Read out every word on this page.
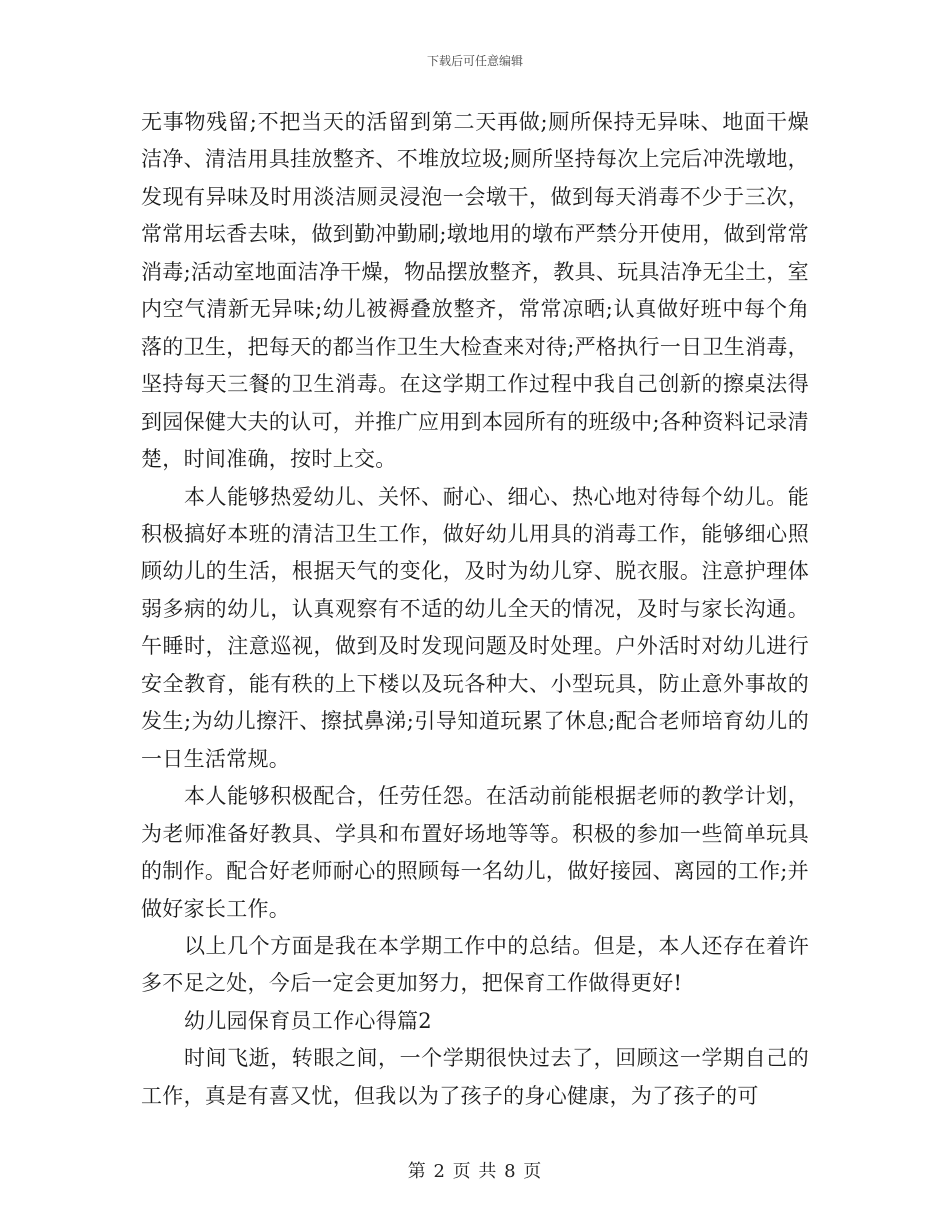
下载后可任意编辑

无事物残留;不把当天的活留到第二天再做;厕所保持无异味、地面干燥洁净、清洁用具挂放整齐、不堆放垃圾;厕所坚持每次上完后冲洗墩地，发现有异味及时用淡洁厕灵浸泡一会墩干，做到每天消毒不少于三次，常常用坛香去味，做到勤冲勤刷;墩地用的墩布严禁分开使用，做到常常消毒;活动室地面洁净干燥，物品摆放整齐，教具、玩具洁净无尘土，室内空气清新无异味;幼儿被褥叠放整齐，常常凉晒;认真做好班中每个角落的卫生，把每天的都当作卫生大检查来对待;严格执行一日卫生消毒，坚持每天三餐的卫生消毒。在这学期工作过程中我自己创新的擦桌法得到园保健大夫的认可，并推广应用到本园所有的班级中;各种资料记录清楚，时间准确，按时上交。

本人能够热爱幼儿、关怀、耐心、细心、热心地对待每个幼儿。能积极搞好本班的清洁卫生工作，做好幼儿用具的消毒工作，能够细心照顾幼儿的生活，根据天气的变化，及时为幼儿穿、脱衣服。注意护理体弱多病的幼儿，认真观察有不适的幼儿全天的情况，及时与家长沟通。午睡时，注意巡视，做到及时发现问题及时处理。户外活时对幼儿进行安全教育，能有秩的上下楼以及玩各种大、小型玩具，防止意外事故的发生;为幼儿擦汗、擦拭鼻涕;引导知道玩累了休息;配合老师培育幼儿的一日生活常规。

本人能够积极配合，任劳任怨。在活动前能根据老师的教学计划，为老师准备好教具、学具和布置好场地等等。积极的参加一些简单玩具的制作。配合好老师耐心的照顾每一名幼儿，做好接园、离园的工作;并做好家长工作。

以上几个方面是我在本学期工作中的总结。但是，本人还存在着许多不足之处，今后一定会更加努力，把保育工作做得更好!

幼儿园保育员工作心得篇2

时间飞逝，转眼之间，一个学期很快过去了，回顾这一学期自己的工作，真是有喜又忧，但我以为了孩子的身心健康，为了孩子的可

第 2 页 共 8 页
